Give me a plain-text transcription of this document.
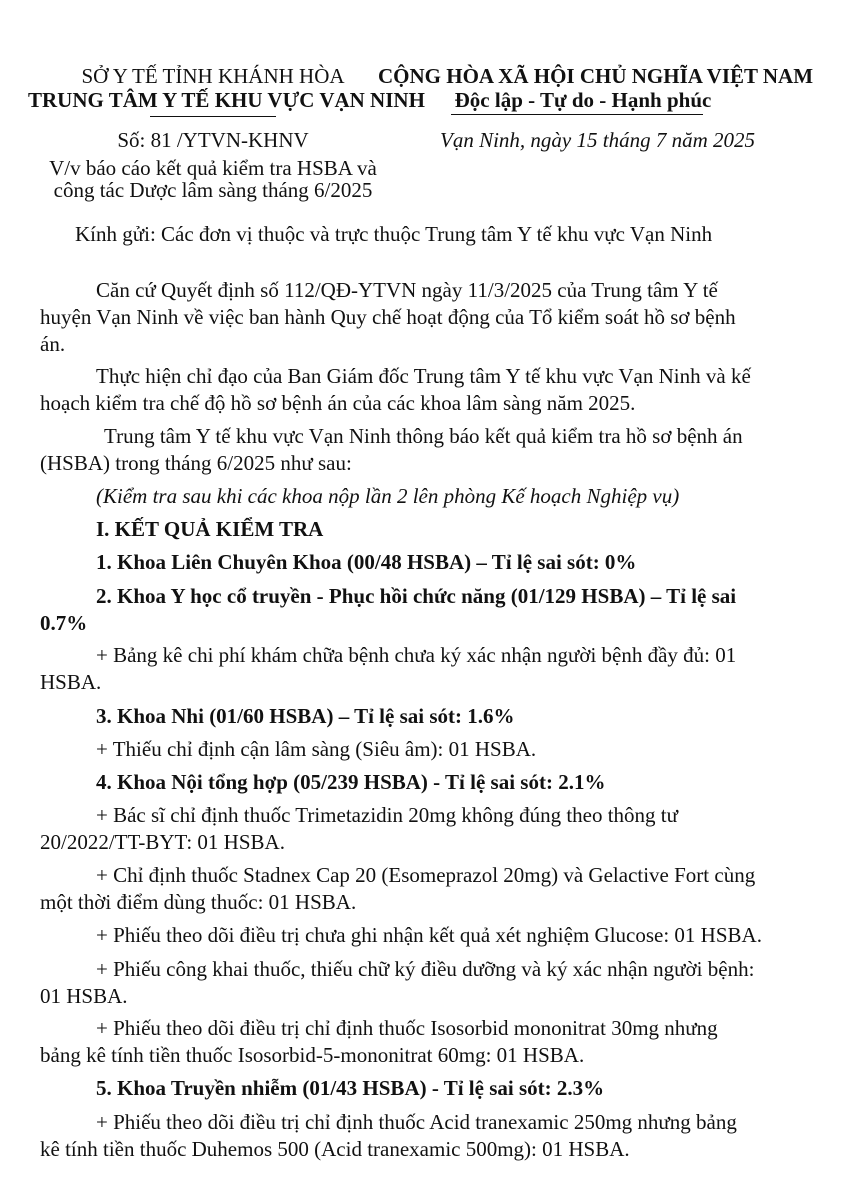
SỞ Y TẾ TỈNH KHÁNH HÒA
TRUNG TÂM Y TẾ KHU VỰC VẠN NINH
CỘNG HÒA XÃ HỘI CHỦ NGHĨA VIỆT NAM
Độc lập - Tự do - Hạnh phúc
Số: 81 /YTVN-KHNV	Vạn Ninh, ngày 15 tháng 7 năm 2025
V/v báo cáo kết quả kiểm tra HSBA và
công tác Dược lâm sàng tháng 6/2025
Kính gửi: Các đơn vị thuộc và trực thuộc Trung tâm Y tế khu vực Vạn Ninh
Căn cứ Quyết định số 112/QĐ-YTVN ngày 11/3/2025 của Trung tâm Y tế
huyện Vạn Ninh về việc ban hành Quy chế hoạt động của Tổ kiểm soát hồ sơ bệnh
án.
Thực hiện chỉ đạo của Ban Giám đốc Trung tâm Y tế khu vực Vạn Ninh và kế
hoạch kiểm tra chế độ hồ sơ bệnh án của các khoa lâm sàng năm 2025.
Trung tâm Y tế khu vực Vạn Ninh thông báo kết quả kiểm tra hồ sơ bệnh án
(HSBA) trong tháng 6/2025 như sau:
(Kiểm tra sau khi các khoa nộp lần 2 lên phòng Kế hoạch Nghiệp vụ)
I. KẾT QUẢ KIỂM TRA
1. Khoa Liên Chuyên Khoa (00/48 HSBA) – Tỉ lệ sai sót: 0%
2. Khoa Y học cổ truyền - Phục hồi chức năng (01/129 HSBA) – Tỉ lệ sai
0.7%
+ Bảng kê chi phí khám chữa bệnh chưa ký xác nhận người bệnh đầy đủ: 01
HSBA.
3. Khoa Nhi (01/60 HSBA) – Tỉ lệ sai sót: 1.6%
+ Thiếu chỉ định cận lâm sàng (Siêu âm): 01 HSBA.
4. Khoa Nội tổng hợp (05/239 HSBA) - Tỉ lệ sai sót: 2.1%
+ Bác sĩ chỉ định thuốc Trimetazidin 20mg không đúng theo thông tư
20/2022/TT-BYT: 01 HSBA.
+ Chỉ định thuốc Stadnex Cap 20 (Esomeprazol 20mg) và Gelactive Fort cùng
một thời điểm dùng thuốc: 01 HSBA.
+ Phiếu theo dõi điều trị chưa ghi nhận kết quả xét nghiệm Glucose: 01 HSBA.
+ Phiếu công khai thuốc, thiếu chữ ký điều dưỡng và ký xác nhận người bệnh:
01 HSBA.
+ Phiếu theo dõi điều trị chỉ định thuốc Isosorbid mononitrat 30mg nhưng
bảng kê tính tiền thuốc Isosorbid-5-mononitrat 60mg: 01 HSBA.
5. Khoa Truyền nhiễm (01/43 HSBA) - Tỉ lệ sai sót: 2.3%
+ Phiếu theo dõi điều trị chỉ định thuốc Acid tranexamic 250mg nhưng bảng
kê tính tiền thuốc Duhemos 500 (Acid tranexamic 500mg): 01 HSBA.
